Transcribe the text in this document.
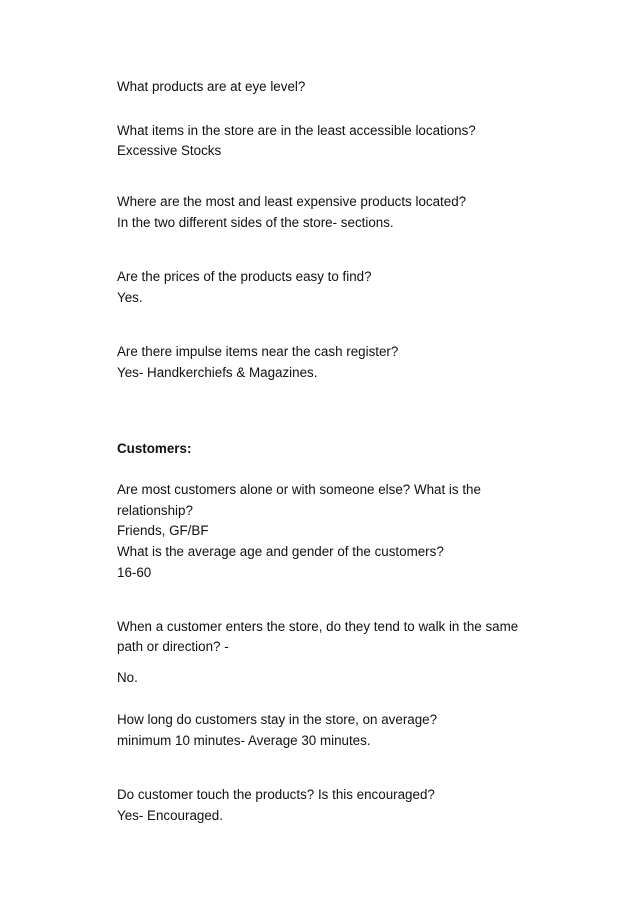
What products are at eye level?
What items in the store are in the least accessible locations?
Excessive Stocks
Where are the most and least expensive products located?
In the two different sides of the store- sections.
Are the prices of the products easy to find?
Yes.
Are there impulse items near the cash register?
Yes- Handkerchiefs & Magazines.
Customers:
Are most customers alone or with someone else? What is the
relationship?
Friends, GF/BF
What is the average age and gender of the customers?
16-60
When a customer enters the store, do they tend to walk in the same
path or direction? -
No.
How long do customers stay in the store, on average?
minimum 10 minutes- Average 30 minutes.
Do customer touch the products? Is this encouraged?
Yes- Encouraged.
